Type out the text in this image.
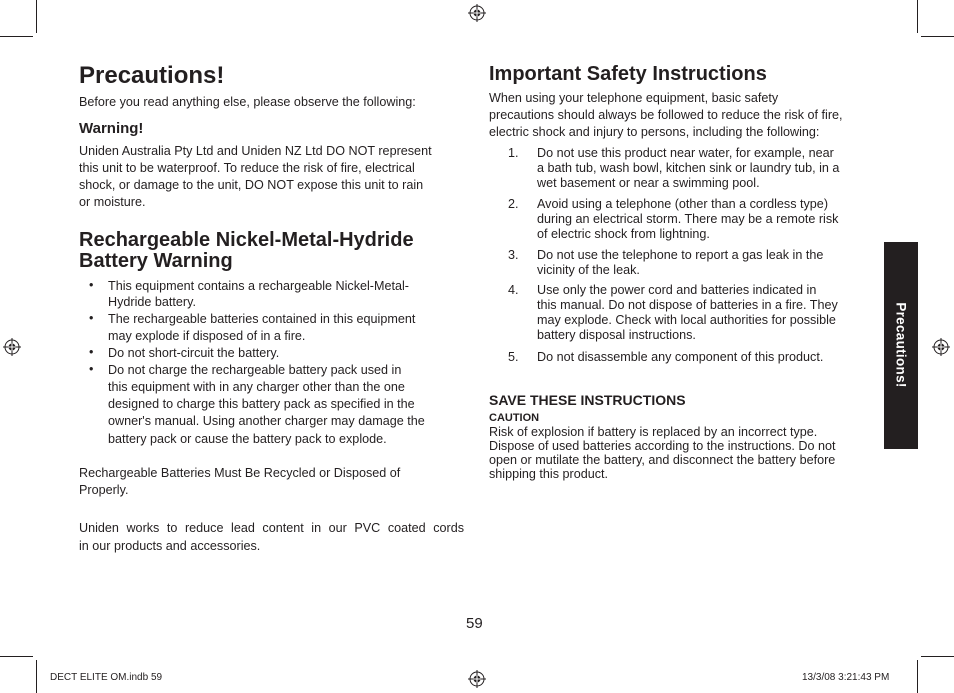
Precautions!
Before you read anything else, please observe the following:
Warning!
Uniden Australia Pty Ltd and Uniden NZ Ltd DO NOT represent
this unit to be waterproof. To reduce the risk of fire, electrical
shock, or damage to the unit, DO NOT expose this unit to rain
or moisture.
Rechargeable Nickel-Metal-Hydride
Battery Warning
• This equipment contains a rechargeable Nickel-Metal-
Hydride battery.
• The rechargeable batteries contained in this equipment
may explode if disposed of in a fire.
• Do not short-circuit the battery.
• Do not charge the rechargeable battery pack used in
this equipment with in any charger other than the one
designed to charge this battery pack as specified in the
owner's manual. Using another charger may damage the
battery pack or cause the battery pack to explode.
Rechargeable Batteries Must Be Recycled or Disposed of
Properly.
Uniden works to reduce lead content in our PVC coated cords
in our products and accessories.
Important Safety Instructions
When using your telephone equipment, basic safety
precautions should always be followed to reduce the risk of fire,
electric shock and injury to persons, including the following:
1. Do not use this product near water, for example, near
a bath tub, wash bowl, kitchen sink or laundry tub, in a
wet basement or near a swimming pool.
2. Avoid using a telephone (other than a cordless type)
during an electrical storm. There may be a remote risk
of electric shock from lightning.
3. Do not use the telephone to report a gas leak in the
vicinity of the leak.
4. Use only the power cord and batteries indicated in
this manual. Do not dispose of batteries in a fire. They
may explode. Check with local authorities for possible
battery disposal instructions.
5. Do not disassemble any component of this product.
SAVE THESE INSTRUCTIONS
CAUTION
Risk of explosion if battery is replaced by an incorrect type.
Dispose of used batteries according to the instructions. Do not
open or mutilate the battery, and disconnect the battery before
shipping this product.
Precautions!
59
DECT ELITE OM.indb 59	13/3/08 3:21:43 PM
